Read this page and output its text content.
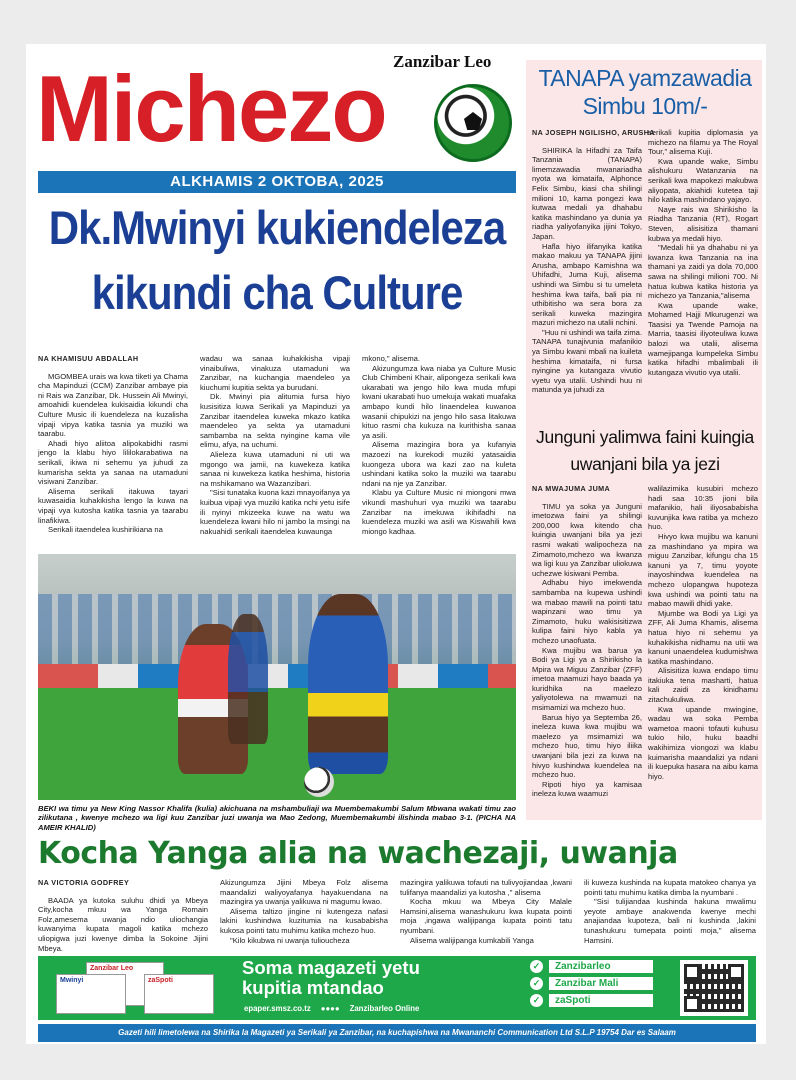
Zanzibar Leo
Michezo
ALKHAMIS 2 OKTOBA, 2025
Dk.Mwinyi kukiendeleza kikundi cha Culture

NA KHAMISUU ABDALLAH

MGOMBEA urais wa kwa tiketi ya Chama cha Mapinduzi (CCM) Zanzibar ambaye pia ni Rais wa Zanzibar, Dk. Hussein Ali Mwinyi, amoahidi kuendelea kukisaidia kikundi cha Culture Music ili kuendeleza na kuzalisha vipaji vipya katika tasnia ya muziki wa taarabu.

Ahadi hiyo aliitoa alipokabidhi rasmi jengo la klabu hiyo lililokarabatiwa na serikali, ikiwa ni sehemu ya juhudi za kumarisha sekta ya sanaa na utamaduni visiwani Zanzibar.

Alisema serikali itakuwa tayari kuwasaidia kuhakikisha lengo la kuwa na vipaji vya kutosha katika tasnia ya taarabu linafikiwa.

Serikali itaendelea kushirikiana na

wadau wa sanaa kuhakikisha vipaji vinaibuliwa, vinakuza utamaduni wa Zanzibar, na kuchangia maendeleo ya kiuchumi kupitia sekta ya burudani.

Dk. Mwinyi pia alitumia fursa hiyo kusisitiza kuwa Serikali ya Mapinduzi ya Zanzibar itaendelea kuweka mkazo katika maendeleo ya sekta ya utamaduni sambamba na sekta nyingine kama vile elimu, afya, na uchumi.

Alieleza kuwa utamaduni ni uti wa mgongo wa jamii, na kuwekeza katika sanaa ni kuwekeza katika heshima, historia na mshikamano wa Wazanzibari.

"Sisi tunataka kuona kazi mnayoifanya ya kuibua vipaji vya muziki katika nchi yetu isife ili nyinyi mkizeeka kuwe na watu wa kuendeleza kwani hilo ni jambo la msingi na nakuahidi serikali itaendelea kuwaunga

mkono," alisema.

Akizungumza kwa niaba ya Culture Music Club Chimbeni Khair, alipongeza serikali kwa ukarabati wa jengo hilo kwa muda mfupi kwani ukarabati huo umekuja wakati muafaka ambapo kundi hilo linaendelea kuwanoa wasanii chipukizi na jengo hilo sasa litakuwa kituo rasmi cha kukuza na kurithisha sanaa ya asili.

Alisema mazingira bora ya kufanyia mazoezi na kurekodi muziki yatasaidia kuongeza ubora wa kazi zao na kuleta ushindani katika soko la muziki wa taarabu ndani na nje ya Zanzibar.

Klabu ya Culture Music ni miongoni mwa vikundi mashuhuri vya muziki wa taarabu Zanzibar na imekuwa ikihifadhi na kuendeleza muziki wa asili wa Kiswahili kwa miongo kadhaa.

BEKI wa timu ya New King Nassor Khalifa (kulia) akichuana na mshambuliaji wa Muembemakumbi Salum Mbwana wakati timu zao zilikutana , kwenye mchezo wa ligi kuu Zanzibar juzi uwanja wa Mao Zedong, Muembemakumbi ilishinda mabao 3-1. (PICHA NA AMEIR KHALID)
TANAPA yamzawadia Simbu 10m/-

NA JOSEPH NGILISHO, ARUSHA

SHIRIKA la Hifadhi za Taifa Tanzania (TANAPA) limemzawadia mwanariadha nyota wa kimataifa, Alphonce Felix Simbu, kiasi cha shilingi milioni 10, kama pongezi kwa kutwaa medali ya dhahabu katika mashindano ya dunia ya riadha yaliyofanyika jijini Tokyo, Japan.

Hafla hiyo ilifanyika katika makao makuu ya TANAPA jijini Arusha, ambapo Kamishna wa Uhifadhi, Juma Kuji, alisema ushindi wa Simbu si tu umeleta heshima kwa taifa, bali pia ni uthibitisho wa sera bora za serikali kuweka mazingira mazuri michezo na utalii nchini.

"Huu ni ushindi wa taifa zima. TANAPA tunajivunia mafanikio ya Simbu kwani mbali na kuileta heshima kimataifa, ni fursa nyingine ya kutangaza vivutio vyetu vya utalii. Ushindi huu ni matunda ya juhudi za

serikali kupitia diplomasia ya michezo na filamu ya The Royal Tour," alisema Kuji.

Kwa upande wake, Simbu alishukuru Watanzania na serikali kwa mapokezi makubwa aliyopata, akiahidi kutetea taji hilo katika mashindano yajayo.

Naye rais wa Shirikisho la Riadha Tanzania (RT), Rogart Steven, alisisitiza thamani kubwa ya medali hiyo.

"Medali hii ya dhahabu ni ya kwanza kwa Tanzania na ina thamani ya zaidi ya dola 70,000 sawa na shilingi milioni 700. Ni hatua kubwa katika historia ya michezo ya Tanzania,"alisema

Kwa upande wake, Mohamed Hajji Mkurugenzi wa Taasisi ya Twende Pamoja na Marria, taasisi iliyoteuliwa kuwa balozi wa utalii, alisema wamejipanga kumpeleka Simbu katika hifadhi mbalimbali ili kutangaza vivutio vya utalii.

Junguni yalimwa faini kuingia uwanjani bila ya jezi

NA MWAJUMA JUMA

TIMU ya soka ya Junguni imetozwa faini ya shilingi 200,000 kwa kitendo cha kuingia uwanjani bila ya jezi rasmi wakati walipocheza na Zimamoto,mchezo wa kwanza wa ligi kuu ya Zanzibar uliokuwa uchezwe kisiwani Pemba.

Adhabu hiyo imekwenda sambamba na kupewa ushindi wa mabao mawili na pointi tatu wapinzani wao timu ya Zimamoto, huku wakisisitizwa kulipa faini hiyo kabla ya mchezo unaofuata.

Kwa mujibu wa barua ya Bodi ya Ligi ya a Shirikisho la Mpira wa Miguu Zanzibar (ZFF) imetoa maamuzi hayo baada ya kuridhika na maelezo yaliyotolewa na mwamuzi na msimamizi wa mchezo huo.

Barua hiyo ya Septemba 26, ineleza kuwa kwa mujibu wa maelezo ya msimamizi wa mchezo huo, timu hiyo iliika uwanjani bila jezi za kuwa na hivyo kushindwa kuendelea na mchezo huo.

Ripoti hiyo ya kamisaa ineleza kuwa waamuzi

walilazimika kusubiri mchezo hadi saa 10:35 jioni bila mafanikio, hali iliyosababisha kuvunjika kwa ratiba ya mchezo huo.

Hivyo kwa mujibu wa kanuni za mashindano ya mpira wa miguu Zanzibar, kifungu cha 15 kanuni ya 7, timu yoyote inayoshindwa kuendelea na mchezo ulopangwa hupoteza kwa ushindi wa pointi tatu na mabao mawili dhidi yake.

Mjumbe wa Bodi ya Ligi ya ZFF, Ali Juma Khamis, alisema hatua hiyo ni sehemu ya kuhakikisha nidhamu na utii wa kanuni unaendelea kudumishwa katika mashindano.

Alisisitiza kuwa endapo timu itakiuka tena masharti, hatua kali zaidi za kinidhamu zitachukuliwa.

Kwa upande mwingine, wadau wa soka Pemba wametoa maoni tofauti kuhusu tukio hilo, huku baadhi wakihimiza viongozi wa klabu kuimarisha maandalizi ya ndani ili kuepuka hasara na aibu kama hiyo.

Kocha Yanga alia na wachezaji, uwanja

NA VICTORIA GODFREY

BAADA ya kutoka suluhu dhidi ya Mbeya City,kocha mkuu wa Yanga Romain Folz,amesema uwanja ndio uliochangia kuwanyima kupata magoli katika mchezo uliopigwa juzi kwenye dimba la Sokoine Jijini Mbeya.

Akizungumza Jijini Mbeya Folz alisema maandalizi waliyoyafanya hayakuendana na mazingira ya uwanja yalikuwa ni magumu kwao.

Alisema taltizo jingine ni kutengeza nafasi lakini kushindwa kuzitumia na kusababisha kukosa pointi tatu muhimu katika mchezo huo.

"Kilo kikubwa ni uwanja tulioucheza

mazingira yalikuwa tofauti na tulivyojiandaa ,kwani tulifanya maandalizi ya kutosha ," alisema

Kocha mkuu wa Mbeya City Malale Hamsini,alisema wanashukuru kwa kupata pointi moja ,ingawa walijipanga kupata pointi tatu nyumbani.

Alisema walijipanga kumkabili Yanga

ili kuweza kushinda na kupata matokeo chanya ya pointi tatu muhimu katika dimba la nyumbani .

"Sisi tulijiandaa kushinda hakuna mwalimu yeyote ambaye anakwenda kwenye mechi anajiandaa kupoteza, bali ni kushinda ,lakini tunashukuru tumepata pointi moja," alisema Hamsini.

Zanzibar Leo
Mwinyi	zaSpoti
Soma magazeti yetu
kupitia mtandao
epaper.smsz.co.tz ●●●● Zanzibarleo Online
✓	Zanzibarleo
✓	Zanzibar Mali
✓	zaSpoti
Gazeti hili limetolewa na Shirika la Magazeti ya Serikali ya Zanzibar, na kuchapishwa na Mwananchi Communication Ltd S.L.P 19754 Dar es Salaam
